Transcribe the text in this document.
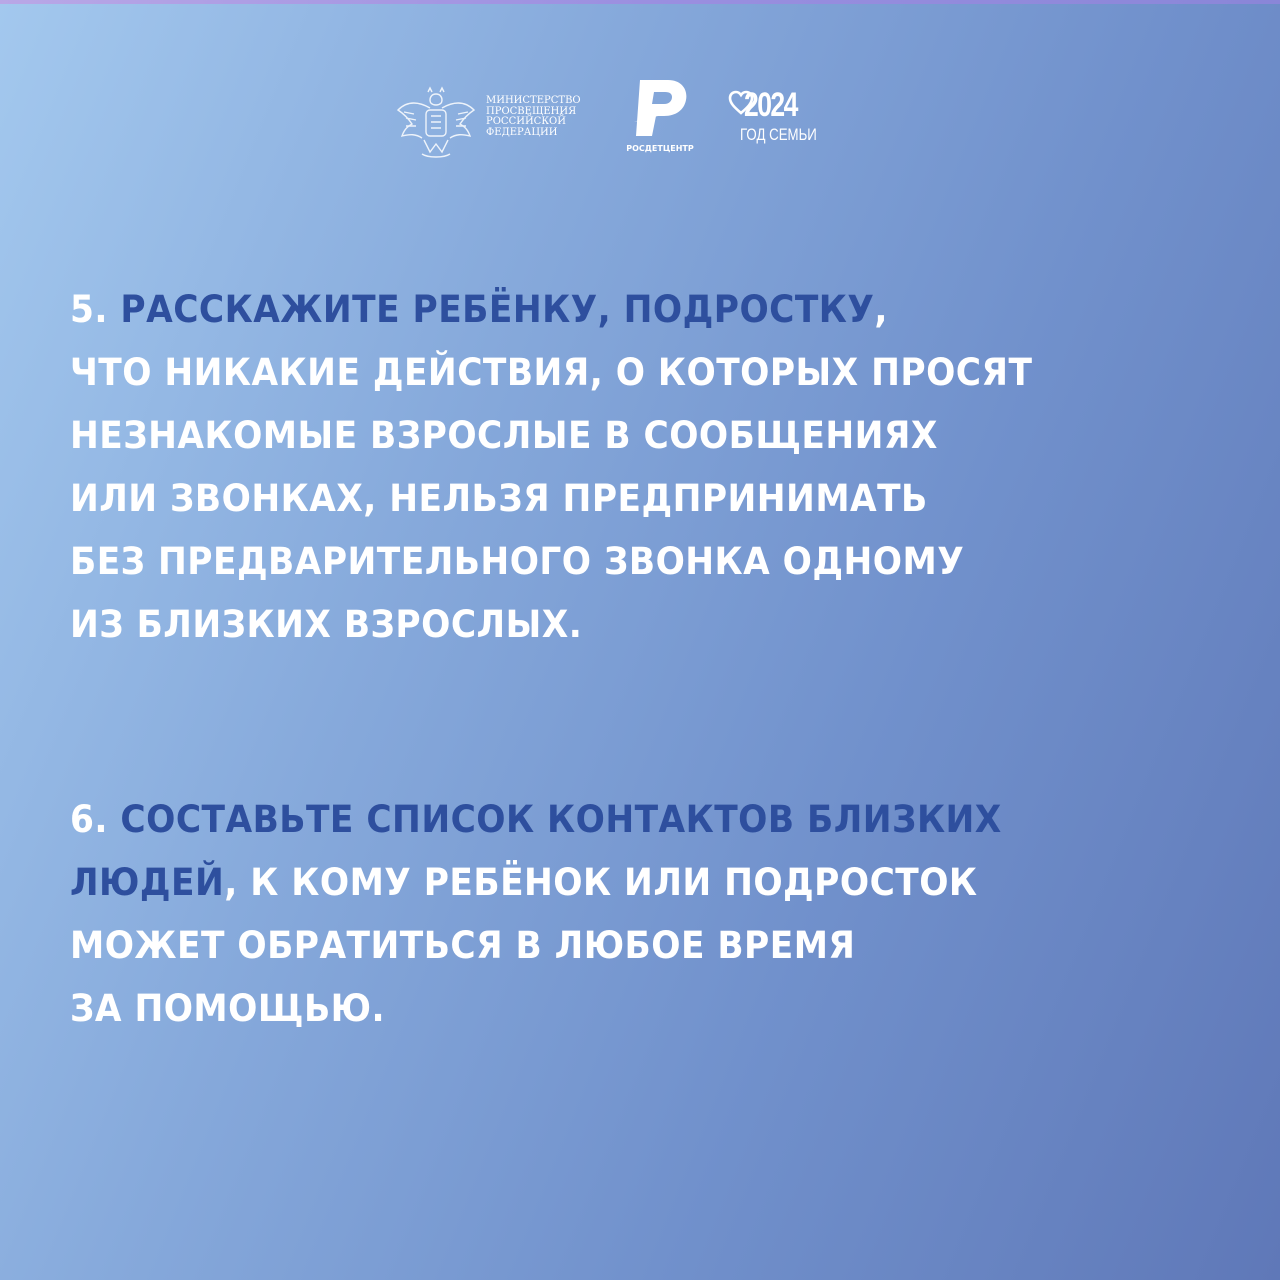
МИНИСТЕРСТВО
ПРОСВЕЩЕНИЯ
РОССИЙСКОЙ
ФЕДЕРАЦИИ
РОСДЕТЦЕНТР
2024
ГОД СЕМЬИ

5. РАССКАЖИТЕ РЕБЁНКУ, ПОДРОСТКУ,
ЧТО НИКАКИЕ ДЕЙСТВИЯ, О КОТОРЫХ ПРОСЯТ
НЕЗНАКОМЫЕ ВЗРОСЛЫЕ В СООБЩЕНИЯХ
ИЛИ ЗВОНКАХ, НЕЛЬЗЯ ПРЕДПРИНИМАТЬ
БЕЗ ПРЕДВАРИТЕЛЬНОГО ЗВОНКА ОДНОМУ
ИЗ БЛИЗКИХ ВЗРОСЛЫХ.

6. СОСТАВЬТЕ СПИСОК КОНТАКТОВ БЛИЗКИХ
ЛЮДЕЙ, К КОМУ РЕБЁНОК ИЛИ ПОДРОСТОК
МОЖЕТ ОБРАТИТЬСЯ В ЛЮБОЕ ВРЕМЯ
ЗА ПОМОЩЬЮ.
